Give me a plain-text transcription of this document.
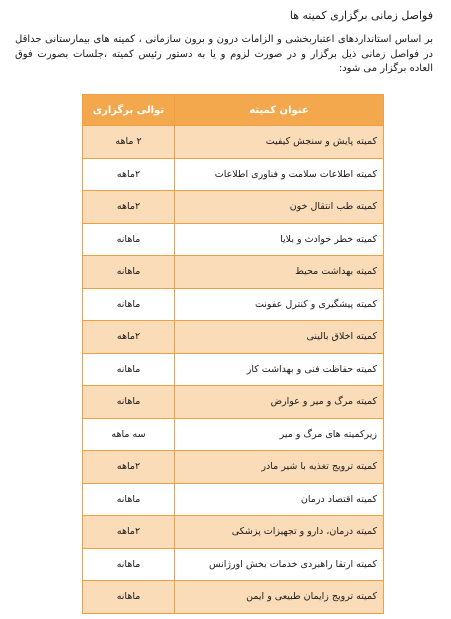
فواصل زمانی برگزاری کمیته ها
بر اساس استانداردهای اعتباربخشی و الزامات درون و برون سازمانی ، کمیته های بیمارستانی حداقل در فواصل زمانی ذیل برگزار و در صورت لزوم و یا به دستور رئیس کمیته ،جلسات بصورت فوق العاده برگزار می شود:
عنوان کمیته	توالی برگزاری
کمیته پایش و سنجش کیفیت	۲ ماهه
کمیته اطلاعات سلامت و فناوری اطلاعات	۲ماهه
کمیته طب انتقال خون	۲ماهه
کمیته خطر حوادث و بلایا	ماهانه
کمیته بهداشت محیط	ماهانه
کمیته پیشگیری و کنترل عفونت	ماهانه
کمیته اخلاق بالینی	۲ماهه
کمیته حفاظت فنی و بهداشت کار	ماهانه
کمیته مرگ و میر و عوارض	ماهانه
زیرکمیته های مرگ و میر	سه ماهه
کمیته ترویج تغذیه با شیر مادر	۲ماهه
کمیته اقتصاد درمان	ماهانه
کمیته درمان، دارو و تجهیزات پزشکی	۲ماهه
کمیته ارتقا راهبردی خدمات بخش اورژانس	ماهانه
کمیته ترویج زایمان طبیعی و ایمن	ماهانه
